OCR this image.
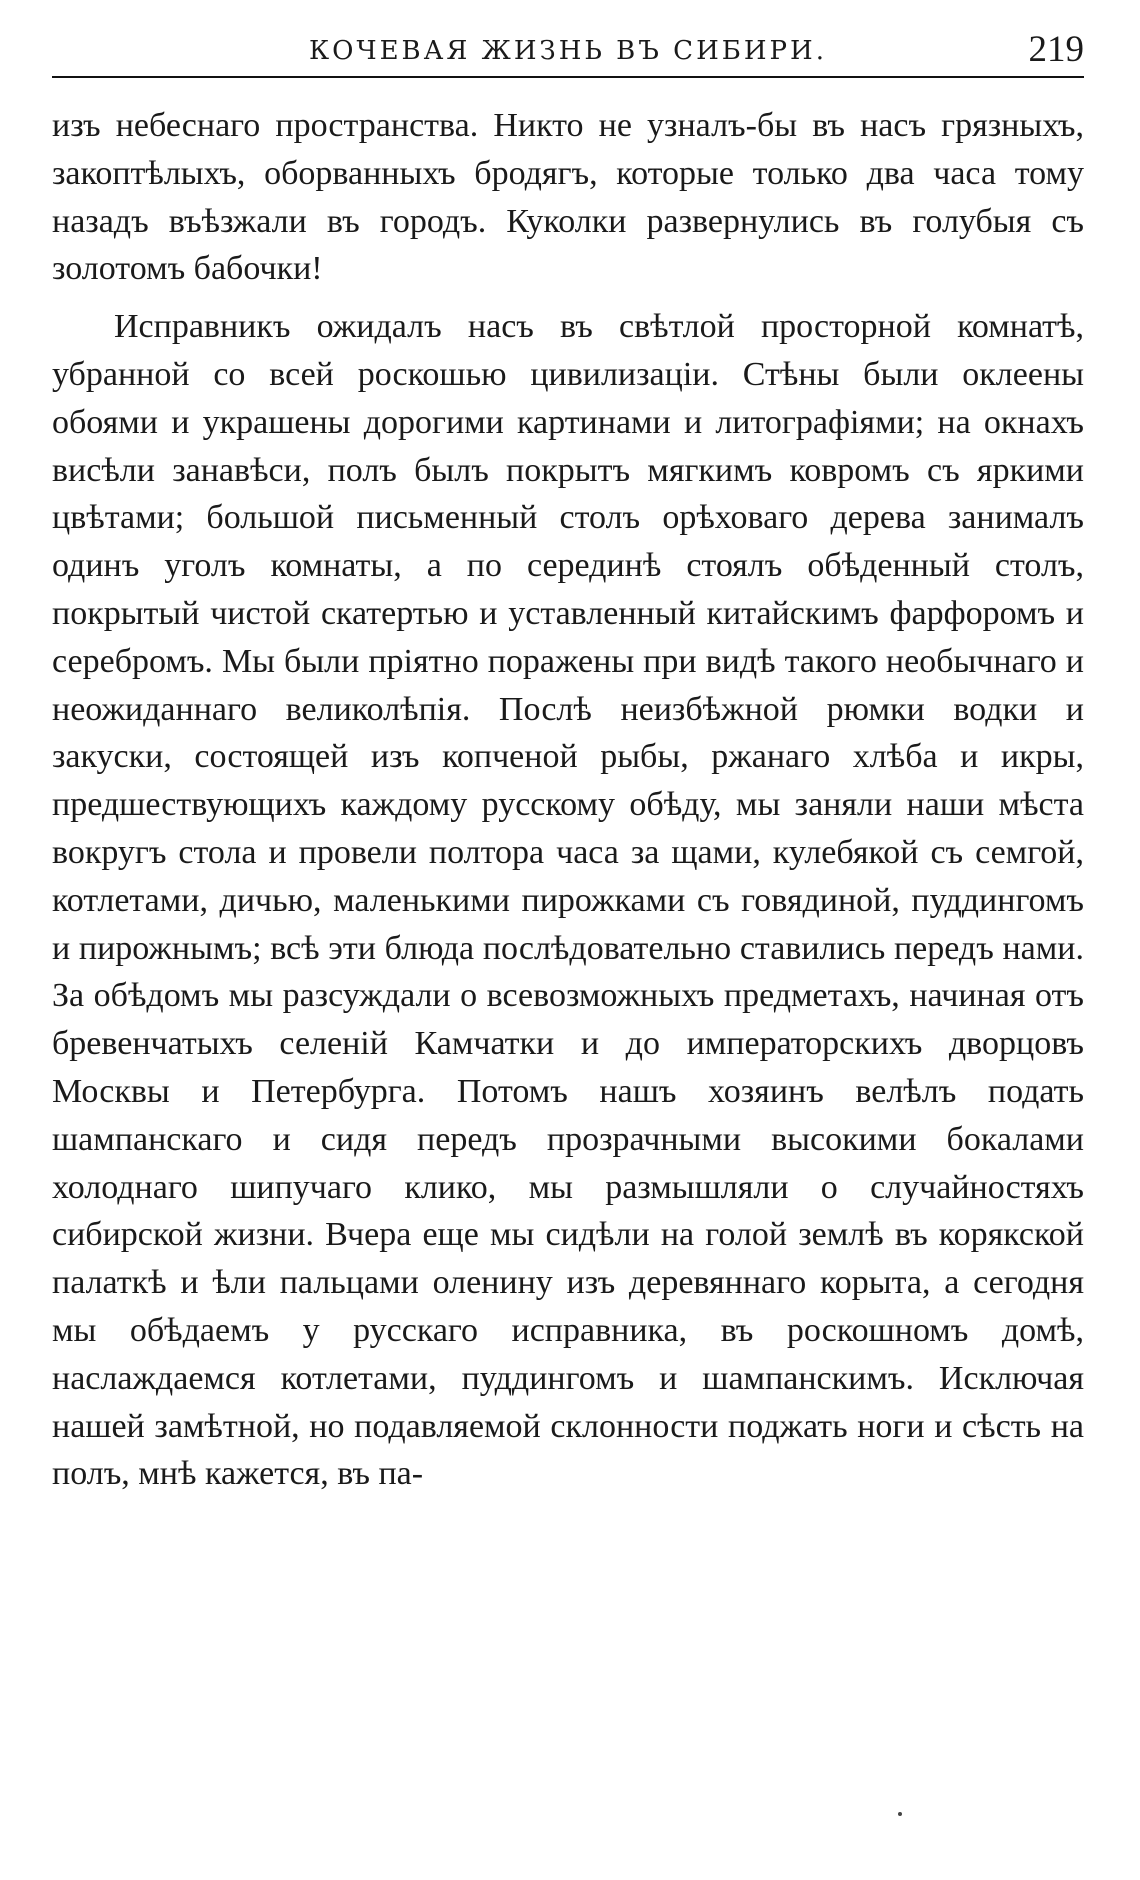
КОЧЕВАЯ ЖИЗНЬ ВЪ СИБИРИ.	219

изъ небеснаго пространства. Никто не узналъ-бы въ насъ грязныхъ, закоптѣлыхъ, оборванныхъ бродягъ, которые только два часа тому назадъ въѣзжали въ городъ. Куколки развернулись въ голубыя съ золотомъ бабочки!

Исправникъ ожидалъ насъ въ свѣтлой просторной комнатѣ, убранной со всей роскошью цивилизаціи. Стѣны были оклеены обоями и украшены дорогими картинами и литографіями; на окнахъ висѣли занавѣси, полъ былъ покрытъ мягкимъ ковромъ съ яркими цвѣтами; большой письменный столъ орѣховаго дерева занималъ одинъ уголъ комнаты, а по серединѣ стоялъ обѣденный столъ, покрытый чистой скатертью и уставленный китайскимъ фарфоромъ и серебромъ. Мы были пріятно поражены при видѣ такого необычнаго и неожиданнаго великолѣпія. Послѣ неизбѣжной рюмки водки и закуски, состоящей изъ копченой рыбы, ржанаго хлѣба и икры, предшествующихъ каждому русскому обѣду, мы заняли наши мѣста вокругъ стола и провели полтора часа за щами, кулебякой съ семгой, котлетами, дичью, маленькими пирожками съ говядиной, пуддингомъ и пирожнымъ; всѣ эти блюда послѣдовательно ставились передъ нами. За обѣдомъ мы разсуждали о всевозможныхъ предметахъ, начиная отъ бревенчатыхъ селеній Камчатки и до императорскихъ дворцовъ Москвы и Петербурга. Потомъ нашъ хозяинъ велѣлъ подать шампанскаго и сидя передъ прозрачными высокими бокалами холоднаго шипучаго клико, мы размышляли о случайностяхъ сибирской жизни. Вчера еще мы сидѣли на голой землѣ въ корякской палаткѣ и ѣли пальцами оленину изъ деревяннаго корыта, а сегодня мы обѣдаемъ у русскаго исправника, въ роскошномъ домѣ, наслаждаемся котлетами, пуддингомъ и шампанскимъ. Исключая нашей замѣтной, но подавляемой склонности поджать ноги и сѣсть на полъ, мнѣ кажется, въ па-
